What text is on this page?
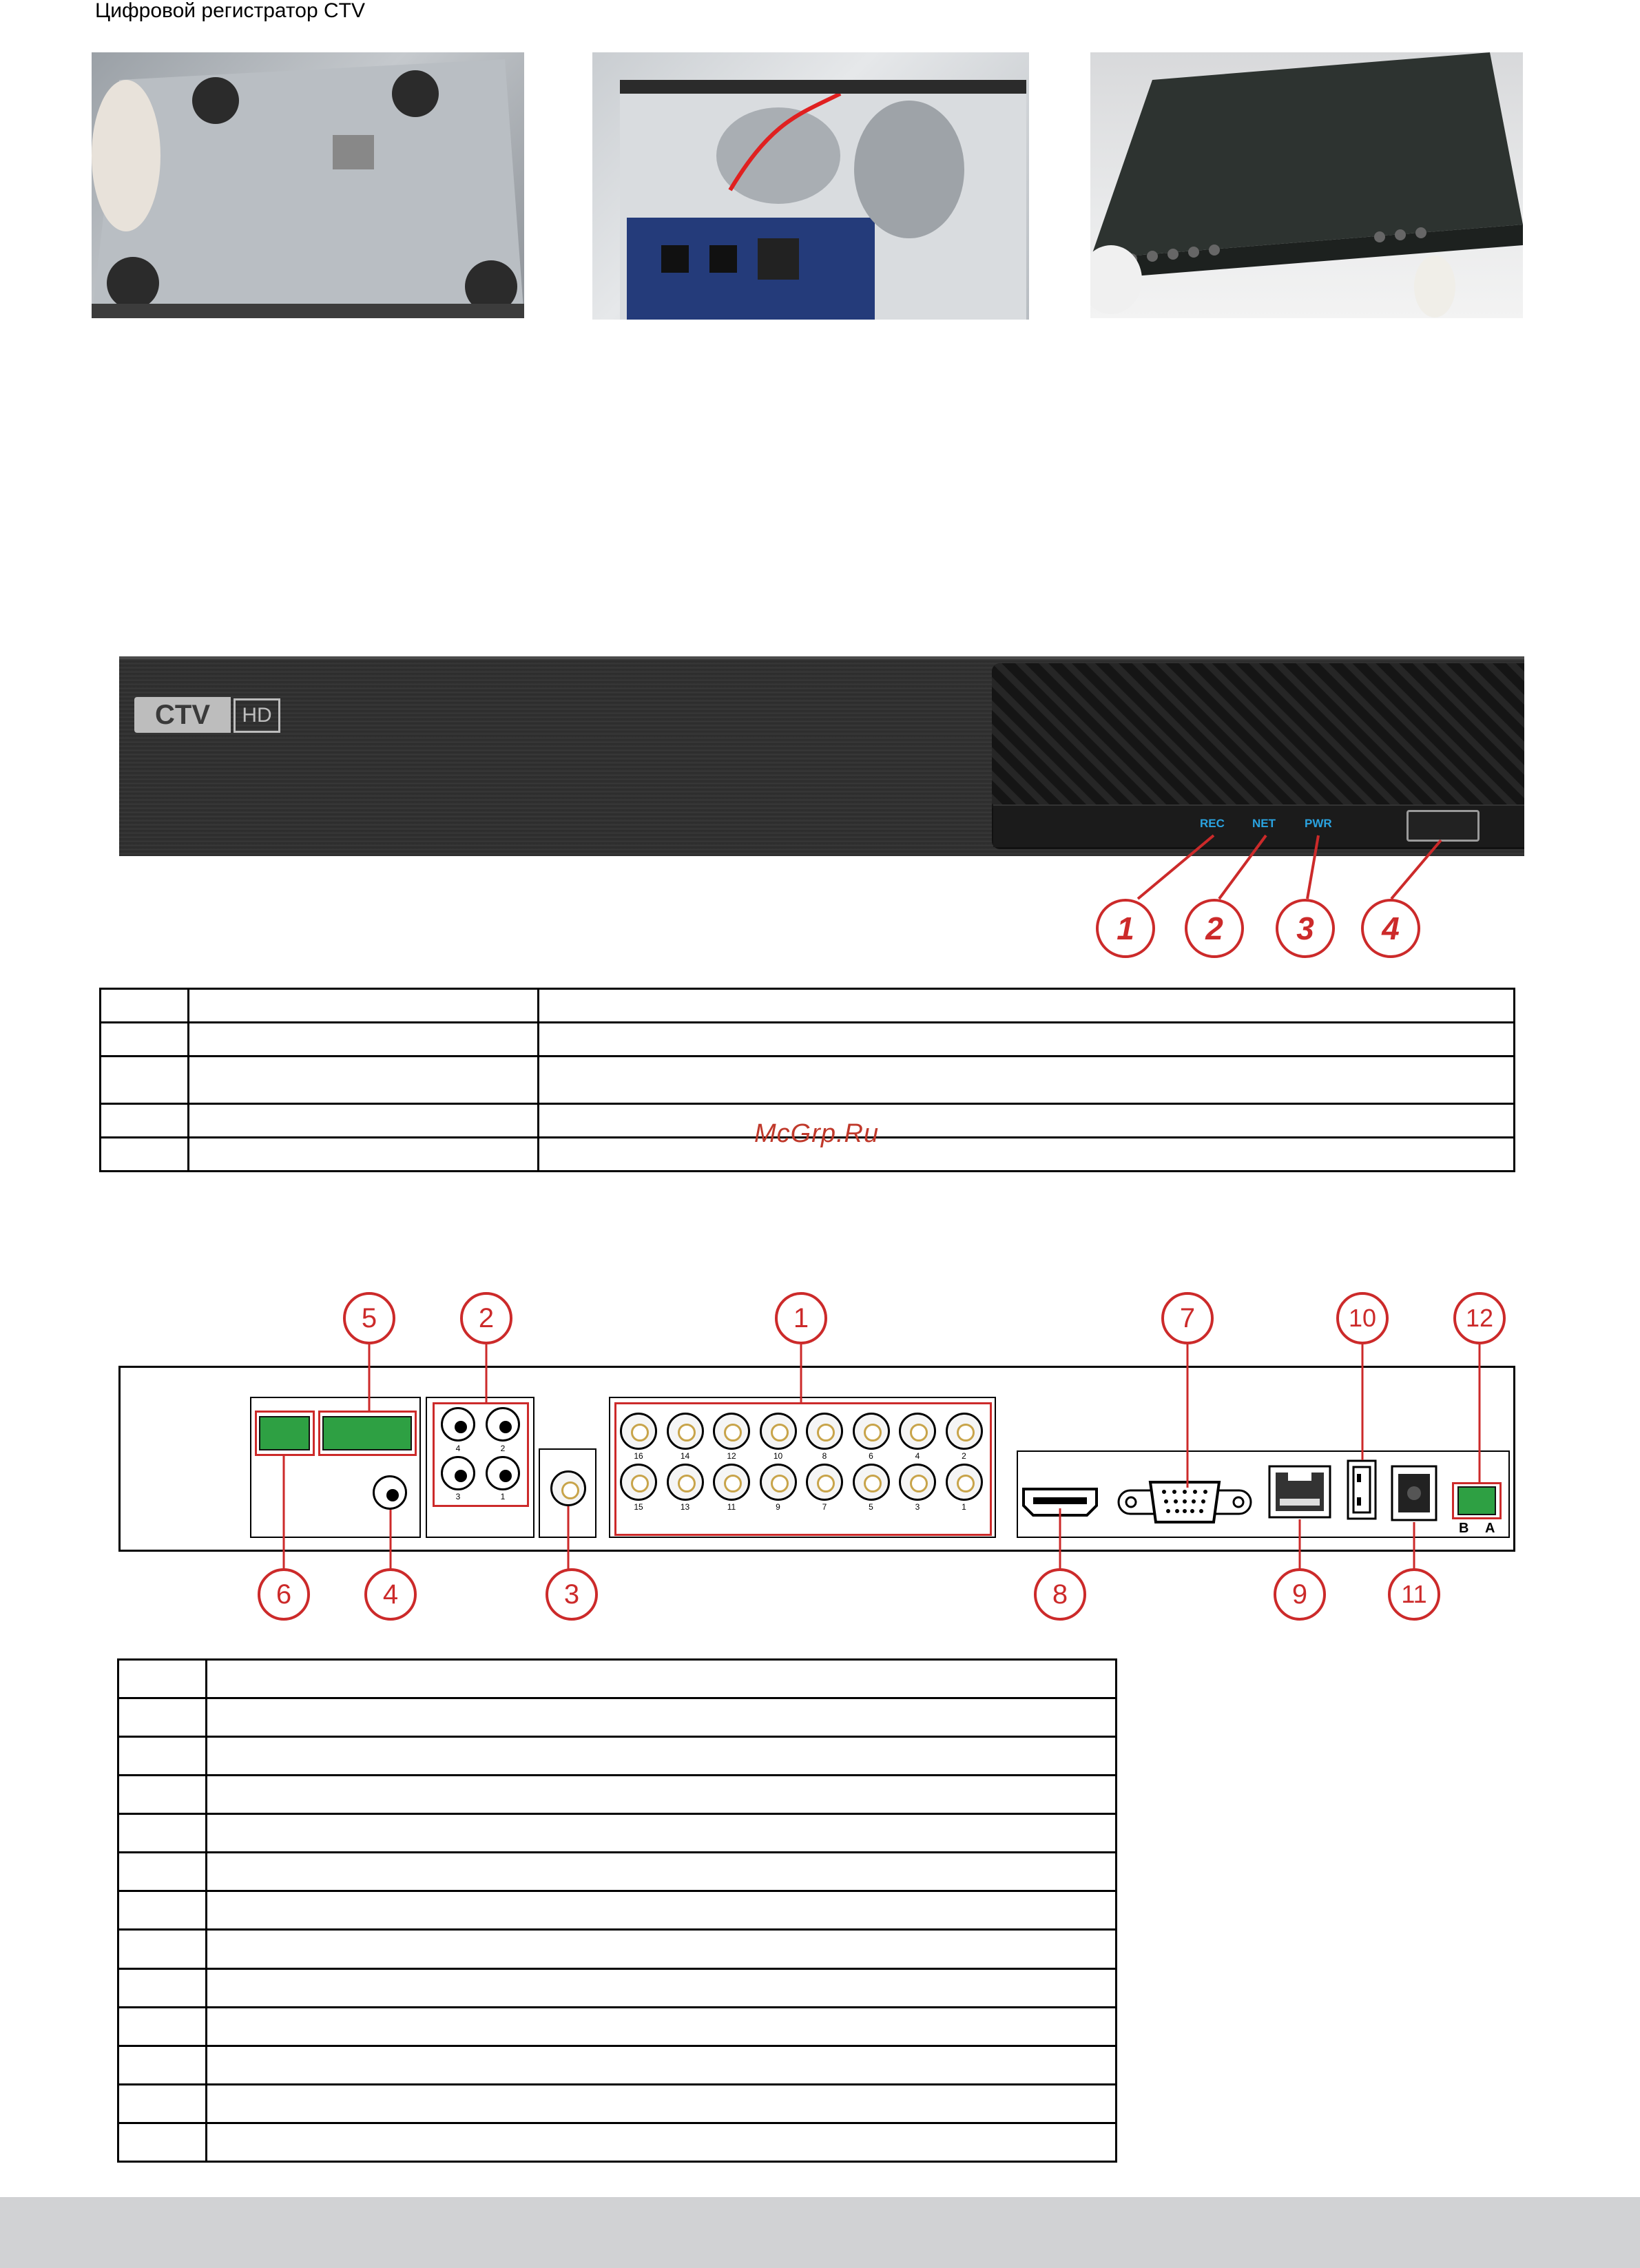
Цифровой регистратор CTV
CTV	HD
REC NET PWR
1	2	3	4

McGrp.Ru
5	2	1	7	10	12
4	2
3	1
16	14	12	10	8	6	4	2
15	13	11	9	7	5	3	1
B A
6	4	3	8	9	11
